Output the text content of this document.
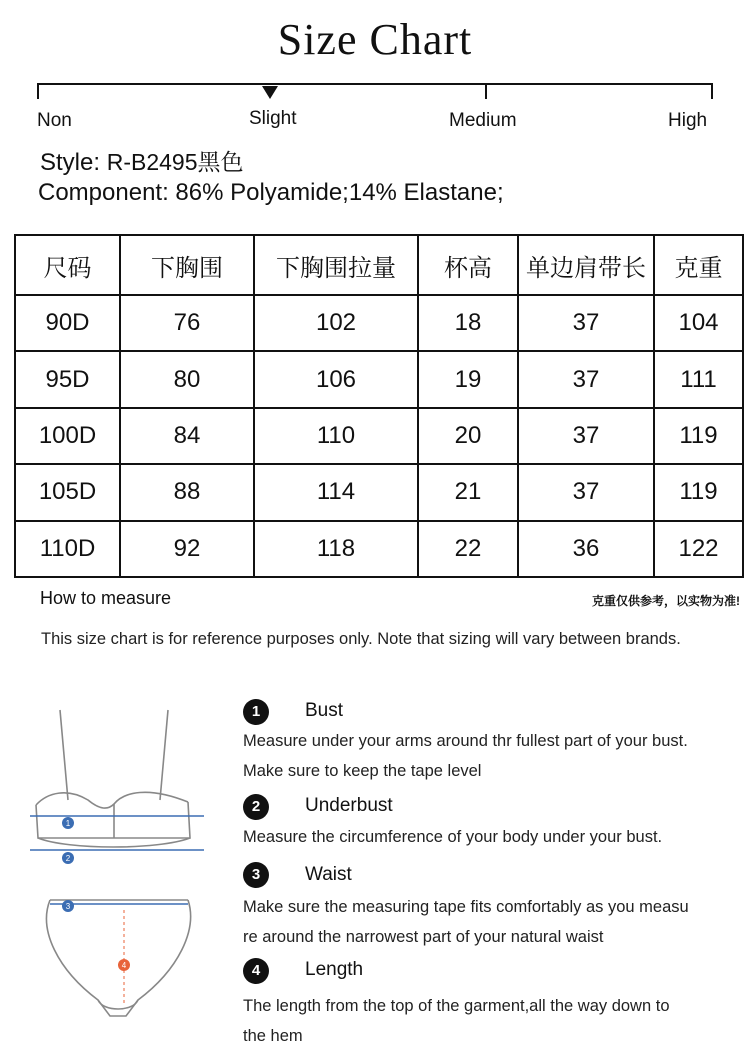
Size Chart
Non	Slight	Medium	High
Style: R-B2495黑色
Component: 86% Polyamide;14% Elastane;
尺码	下胸围	下胸围拉量	杯高	单边肩带长	克重
90D	76	102	18	37	104
95D	80	106	19	37	111
100D	84	110	20	37	119
105D	88	114	21	37	119
110D	92	118	22	36	122
How to measure	克重仅供参考，以实物为准!
This size chart is for reference purposes only. Note that sizing will vary between brands.
1
2
3
4
1	Bust
Measure under your arms around thr fullest part of your bust.
Make sure to keep the tape level
2	Underbust
Measure the circumference of your body under your bust.
3	Waist
Make sure the measuring tape fits comfortably as you measu
re around the narrowest part of your natural waist
4	Length
The length from the top of the garment,all the way down to
the hem
